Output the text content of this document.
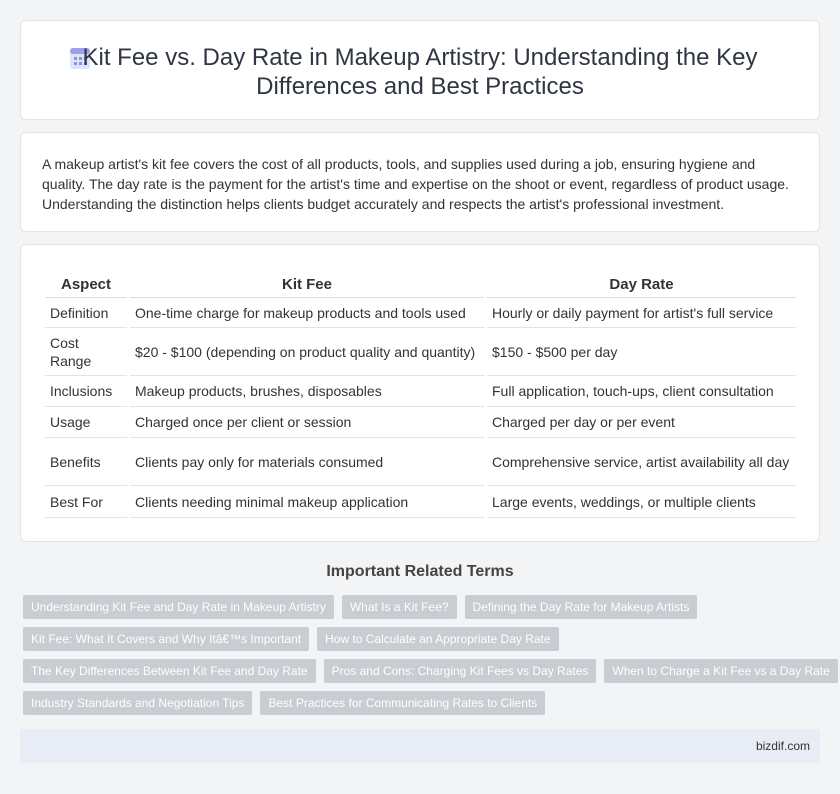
Kit Fee vs. Day Rate in Makeup Artistry: Understanding the Key Differences and Best Practices

A makeup artist's kit fee covers the cost of all products, tools, and supplies used during a job, ensuring hygiene and quality. The day rate is the payment for the artist's time and expertise on the shoot or event, regardless of product usage. Understanding the distinction helps clients budget accurately and respects the artist's professional investment.

Aspect	Kit Fee	Day Rate
Definition	One-time charge for makeup products and tools used	Hourly or daily payment for artist's full service
Cost Range	$20 - $100 (depending on product quality and quantity)	$150 - $500 per day
Inclusions	Makeup products, brushes, disposables	Full application, touch-ups, client consultation
Usage	Charged once per client or session	Charged per day or per event
Benefits	Clients pay only for materials consumed	Comprehensive service, artist availability all day
Best For	Clients needing minimal makeup application	Large events, weddings, or multiple clients
Important Related Terms
Understanding Kit Fee and Day Rate in Makeup Artistry	What Is a Kit Fee?	Defining the Day Rate for Makeup Artists
Kit Fee: What It Covers and Why Itâ€™s Important	How to Calculate an Appropriate Day Rate
The Key Differences Between Kit Fee and Day Rate	Pros and Cons: Charging Kit Fees vs Day Rates	When to Charge a Kit Fee vs a Day Rate
Industry Standards and Negotiation Tips	Best Practices for Communicating Rates to Clients
bizdif.com
